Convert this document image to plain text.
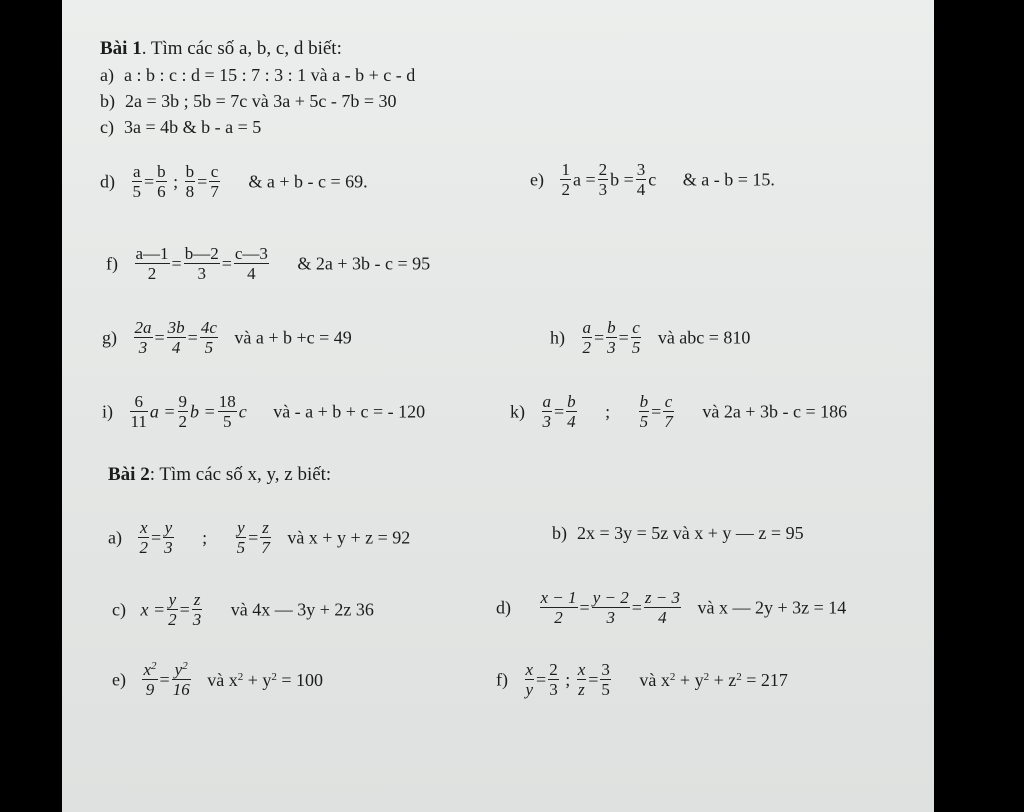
Bài 1. Tìm các số a, b, c, d biết:
a) a : b : c : d = 15 : 7 : 3 : 1 và a - b + c - d
b) 2a = 3b ; 5b = 7c và 3a + 5c - 7b = 30
c) 3a = 4b & b - a = 5
$d) \frac{a}{5} = \frac{b}{6}$ ; $\frac{b}{8} = \frac{c}{7}$ & a + b - c = 69.	$e) \frac{1}{2}$ $a = \frac{2}{3}$ $b = \frac{3}{4}$ c & a - b = 15.
$f) \frac{a—1}{2} = \frac{b—2}{3} = \frac{c—3}{4}$ & 2a + 3b - c = 95
$g) \frac{2a}{3} = \frac{3b}{4} = \frac{4c}{5}$ và a + b +c = 49	$h) \frac{a}{2} = \frac{b}{3} = \frac{c}{5}$ và abc = 810
$i) \frac{6}{11}$ $a = \frac{9}{2}$ $b = \frac{18}{5}$ c và - a + b + c = - 120	$k) \frac{a}{3} = \frac{b}{4}$ ; $\frac{b}{5} = \frac{c}{7}$ và 2a + 3b - c = 186
Bài 2: Tìm các số x, y, z biết:
$a) \frac{x}{2} = \frac{y}{3}$ ; $\frac{y}{5} = \frac{z}{7}$ và x + y + z = 92	b) 2x = 3y = 5z và x + y — z = 95
c) $x = \frac{y}{2} = \frac{z}{3}$ và 4x — 3y + 2z 36	$d) \frac{x - 1}{2} = \frac{y - 2}{3} = \frac{z - 3}{4}$ và x — 2y + 3z = 14
$e) \frac{x^2}{9} = \frac{y^2}{16}$ và $x^2 + y^2 = 100$	$f) \frac{x}{y} = \frac{2}{3}$ ; $\frac{x}{z} = \frac{3}{5}$ và $x^2 + y^2 + z^2 = 217$
